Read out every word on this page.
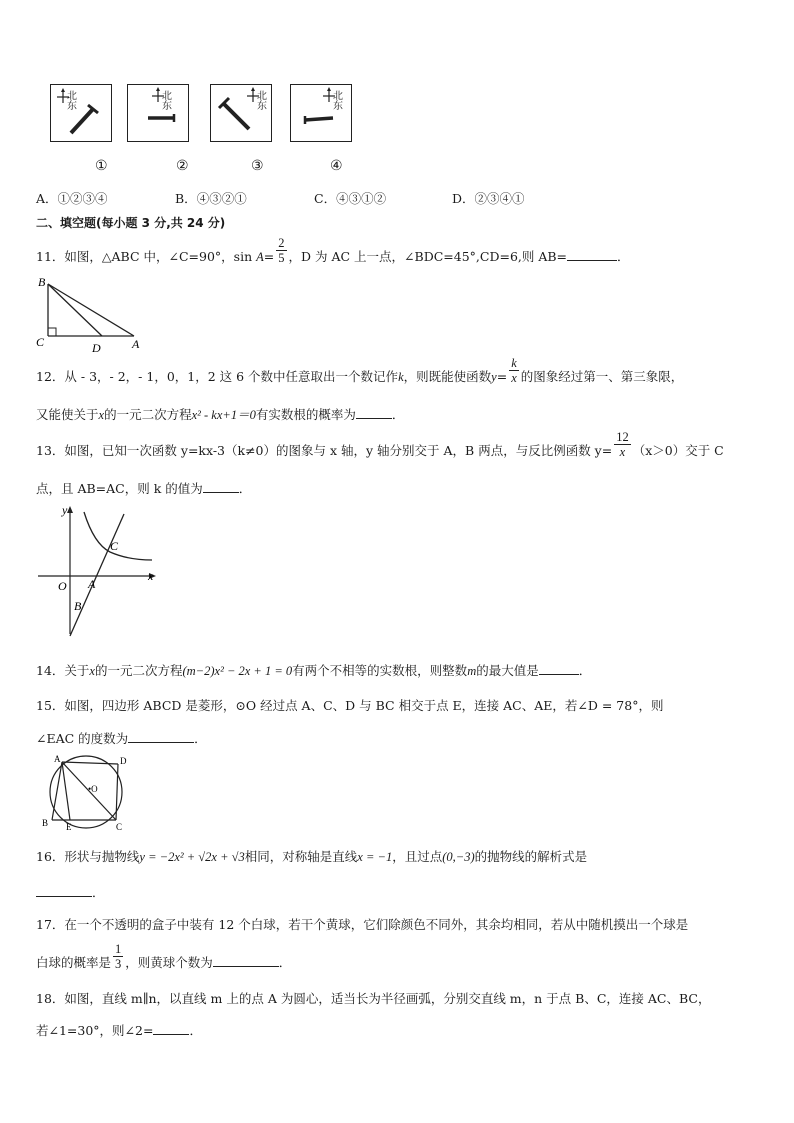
北
东
北
东
北
东
北
东
①	②	③	④
A．①②③④	B．④③②①	C．④③①②	D．②③④①
二、填空题(每小题 3 分,共 24 分)
11．如图，△ABC 中，∠C=90°，$\sin A= \frac{2}{5}$ ，D 为 AC 上一点，∠BDC=45°,CD=6,则 AB=	．
B
C	D	A
12．从 - 3，- 2，- 1，0，1，2 这 6 个数中任意取出一个数记作k，则既能使函数$y= \frac{k}{x}$ 的图象经过第一、第三象限，
又能使关于x的一元二次方程x² - kx+1＝0有实数根的概率为	．
13．如图，已知一次函数 y=kx-3（k≠0）的图象与 x 轴，y 轴分别交于 A，B 两点，与反比例函数 $y= \frac{12}{x} (x>0)$交于 C
点，且 AB=AC，则 k 的值为	．
y
x
O A
B
C
14．关于x的一元二次方程(m−2)x² − 2x + 1 = 0有两个不相等的实数根，则整数m的最大值是	．
15．如图，四边形 ABCD 是菱形，⊙O 经过点 A、C、D 与 BC 相交于点 E，连接 AC、AE，若∠D = 78°，则
∠EAC 的度数为	．
A	D
•O
B E	C
16．形状与抛物线y = −2x² + √2x + √3相同，对称轴是直线x = −1，且过点(0,−3)的抛物线的解析式是
．
17．在一个不透明的盒子中装有 12 个白球，若干个黄球，它们除颜色不同外，其余均相同，若从中随机摸出一个球是
白球的概率是 $\frac{1}{3}$ ，则黄球个数为	．
18．如图，直线 m∥n，以直线 m 上的点 A 为圆心，适当长为半径画弧，分别交直线 m，n 于点 B、C，连接 AC、BC，
若∠1=30°，则∠2=	．
